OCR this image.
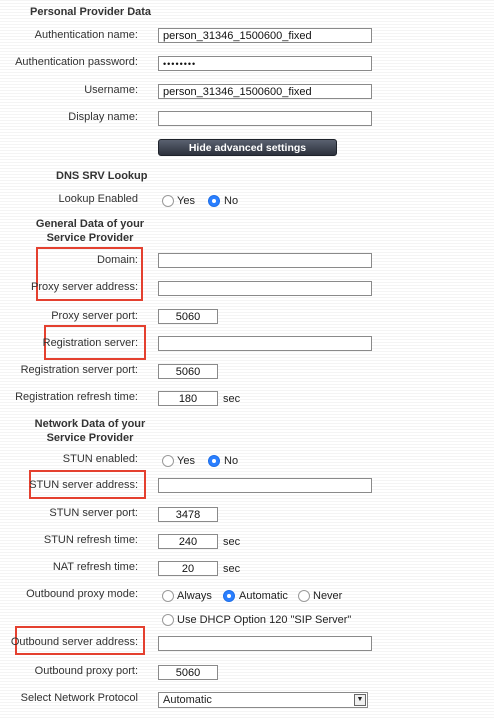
Personal Provider Data
Authentication name:	person_31346_1500600_fixed
Authentication password:	••••••••
Username:	person_31346_1500600_fixed
Display name:
Hide advanced settings
DNS SRV Lookup
Lookup Enabled	Yes	No
General Data of your
Service Provider
Domain:
Proxy server address:
Proxy server port:	5060
Registration server:
Registration server port:	5060
Registration refresh time:	180	sec
Network Data of your
Service Provider
STUN enabled:	Yes	No
STUN server address:
STUN server port:	3478
STUN refresh time:	240	sec
NAT refresh time:	20	sec
Outbound proxy mode:	Always Automatic Never
Use DHCP Option 120 "SIP Server"
Outbound server address:
Outbound proxy port:	5060
Select Network Protocol	Automatic	▼
